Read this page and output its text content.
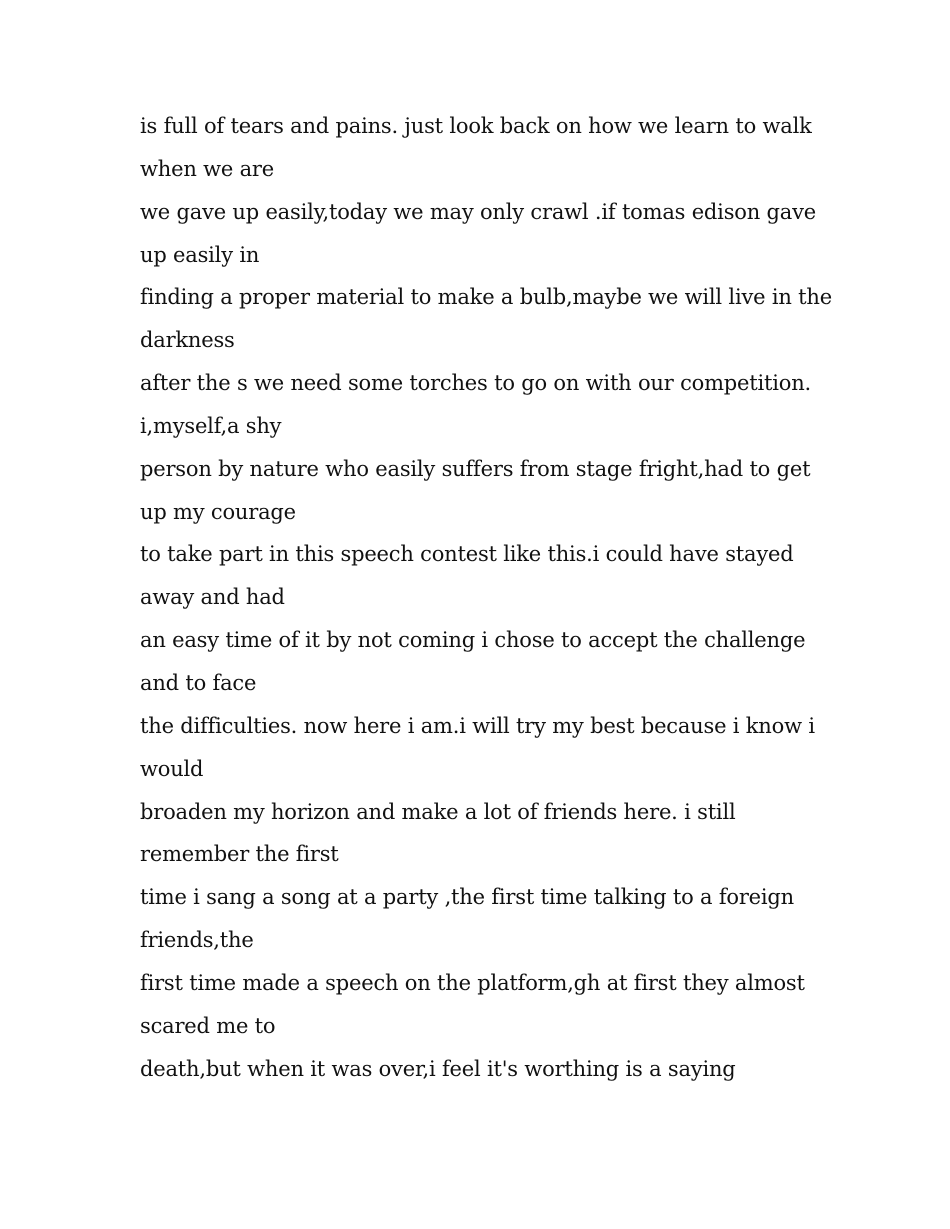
is full of tears and pains. just look back on how we learn to walk
when we are
we gave up easily,today we may only crawl .if tomas edison gave
up easily in
finding a proper material to make a bulb,maybe we will live in the
darkness
after the s we need some torches to go on with our competition.
i,myself,a shy
person by nature who easily suffers from stage fright,had to get
up my courage
to take part in this speech contest like this.i could have stayed
away and had
an easy time of it by not coming i chose to accept the challenge
and to face
the difficulties. now here i am.i will try my best because i know i
would
broaden my horizon and make a lot of friends here. i still
remember the first
time i sang a song at a party ,the first time talking to a foreign
friends,the
first time made a speech on the platform,gh at first they almost
scared me to
death,but when it was over,i feel it's worthing is a saying
